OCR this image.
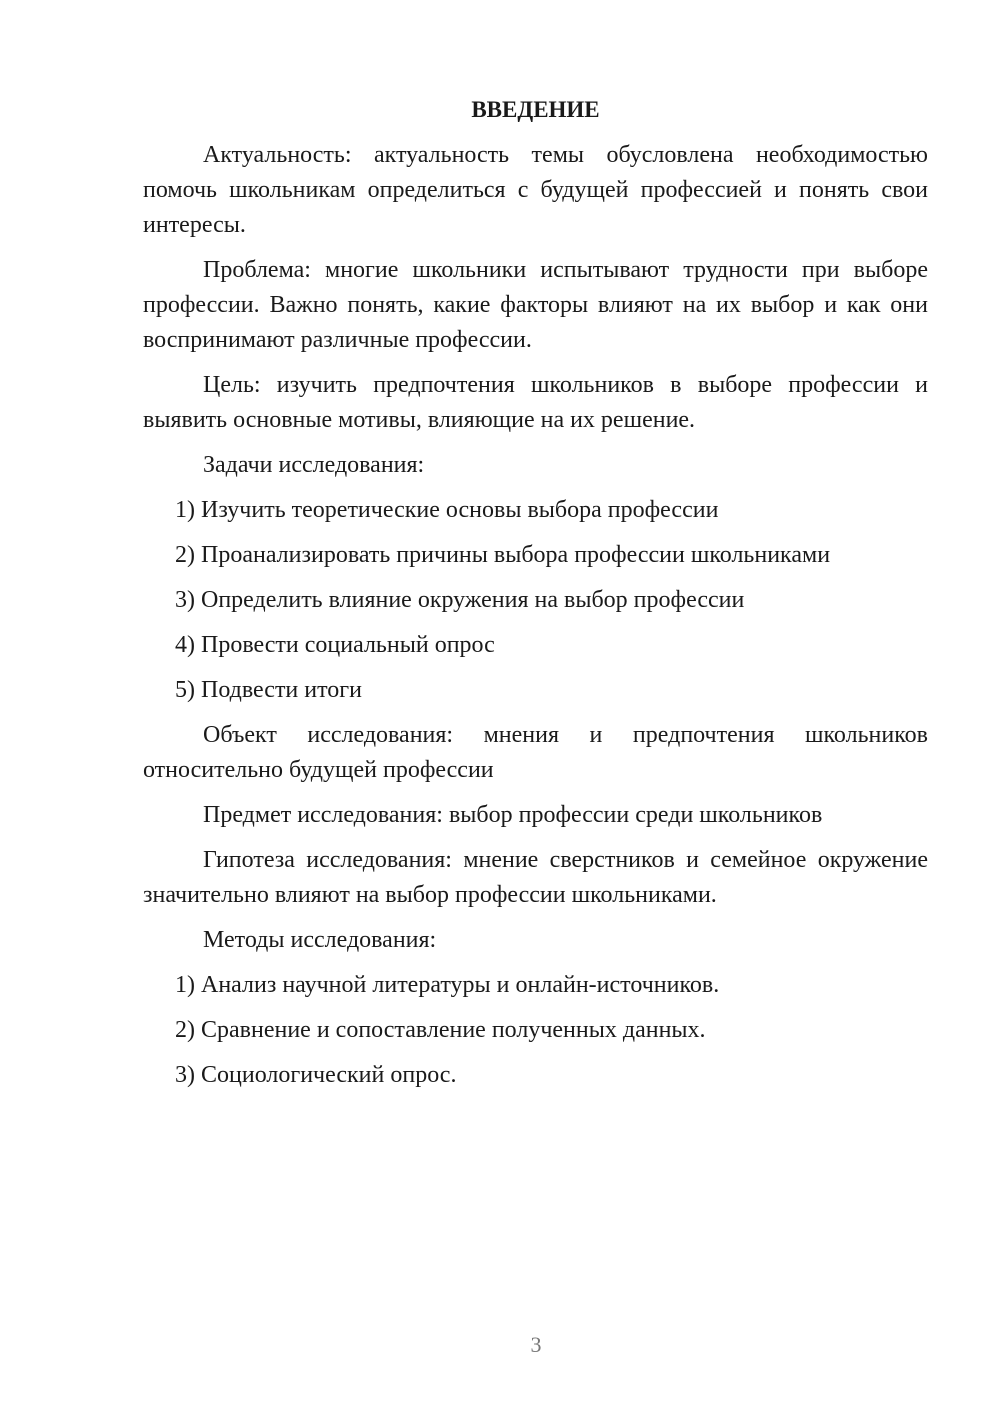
ВВЕДЕНИЕ

Актуальность: актуальность темы обусловлена необходимостью помочь школьникам определиться с будущей профессией и понять свои интересы.

Проблема: многие школьники испытывают трудности при выборе профессии. Важно понять, какие факторы влияют на их выбор и как они воспринимают различные профессии.

Цель: изучить предпочтения школьников в выборе профессии и выявить основные мотивы, влияющие на их решение.

Задачи исследования:

1) Изучить теоретические основы выбора профессии
2) Проанализировать причины выбора профессии школьниками
3) Определить влияние окружения на выбор профессии
4) Провести социальный опрос
5) Подвести итоги

Объект исследования: мнения и предпочтения школьников относительно будущей профессии

Предмет исследования: выбор профессии среди школьников

Гипотеза исследования: мнение сверстников и семейное окружение значительно влияют на выбор профессии школьниками.

Методы исследования:

1) Анализ научной литературы и онлайн-источников.
2) Сравнение и сопоставление полученных данных.
3) Социологический опрос.
3
